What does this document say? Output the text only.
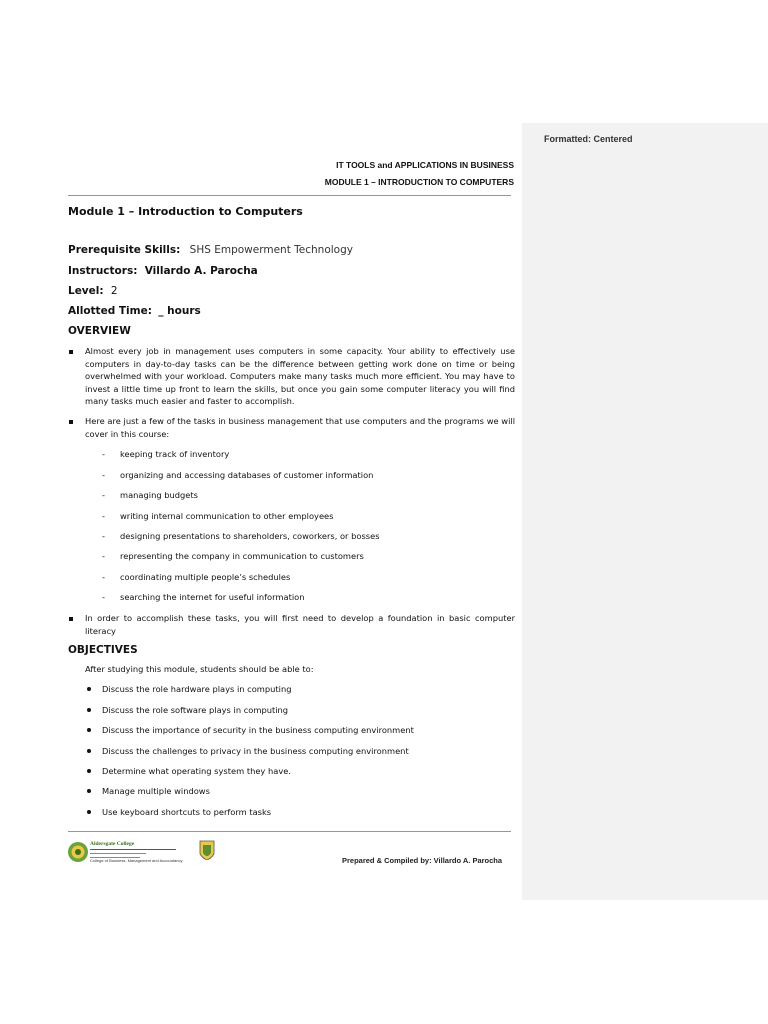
Formatted: Centered
IT TOOLS and APPLICATIONS IN BUSINESS
MODULE 1 – INTRODUCTION TO COMPUTERS
Module 1 – Introduction to Computers
Prerequisite Skills: SHS Empowerment Technology
Instructors: Villardo A. Parocha
Level: 2
Allotted Time: _ hours
OVERVIEW
Almost every job in management uses computers in some capacity. Your ability to effectively use computers in day-to-day tasks can be the difference between getting work done on time or being overwhelmed with your workload. Computers make many tasks much more efficient. You may have to invest a little time up front to learn the skills, but once you gain some computer literacy you will find many tasks much easier and faster to accomplish.
Here are just a few of the tasks in business management that use computers and the programs we will cover in this course:
keeping track of inventory
organizing and accessing databases of customer information
managing budgets
writing internal communication to other employees
designing presentations to shareholders, coworkers, or bosses
representing the company in communication to customers
coordinating multiple people’s schedules
searching the internet for useful information
In order to accomplish these tasks, you will first need to develop a foundation in basic computer literacy
OBJECTIVES
After studying this module, students should be able to:
Discuss the role hardware plays in computing
Discuss the role software plays in computing
Discuss the importance of security in the business computing environment
Discuss the challenges to privacy in the business computing environment
Determine what operating system they have.
Manage multiple windows
Use keyboard shortcuts to perform tasks
Aldersgate College
College of Business, Management and Accountancy	Prepared & Compiled by: Villardo A. Parocha
